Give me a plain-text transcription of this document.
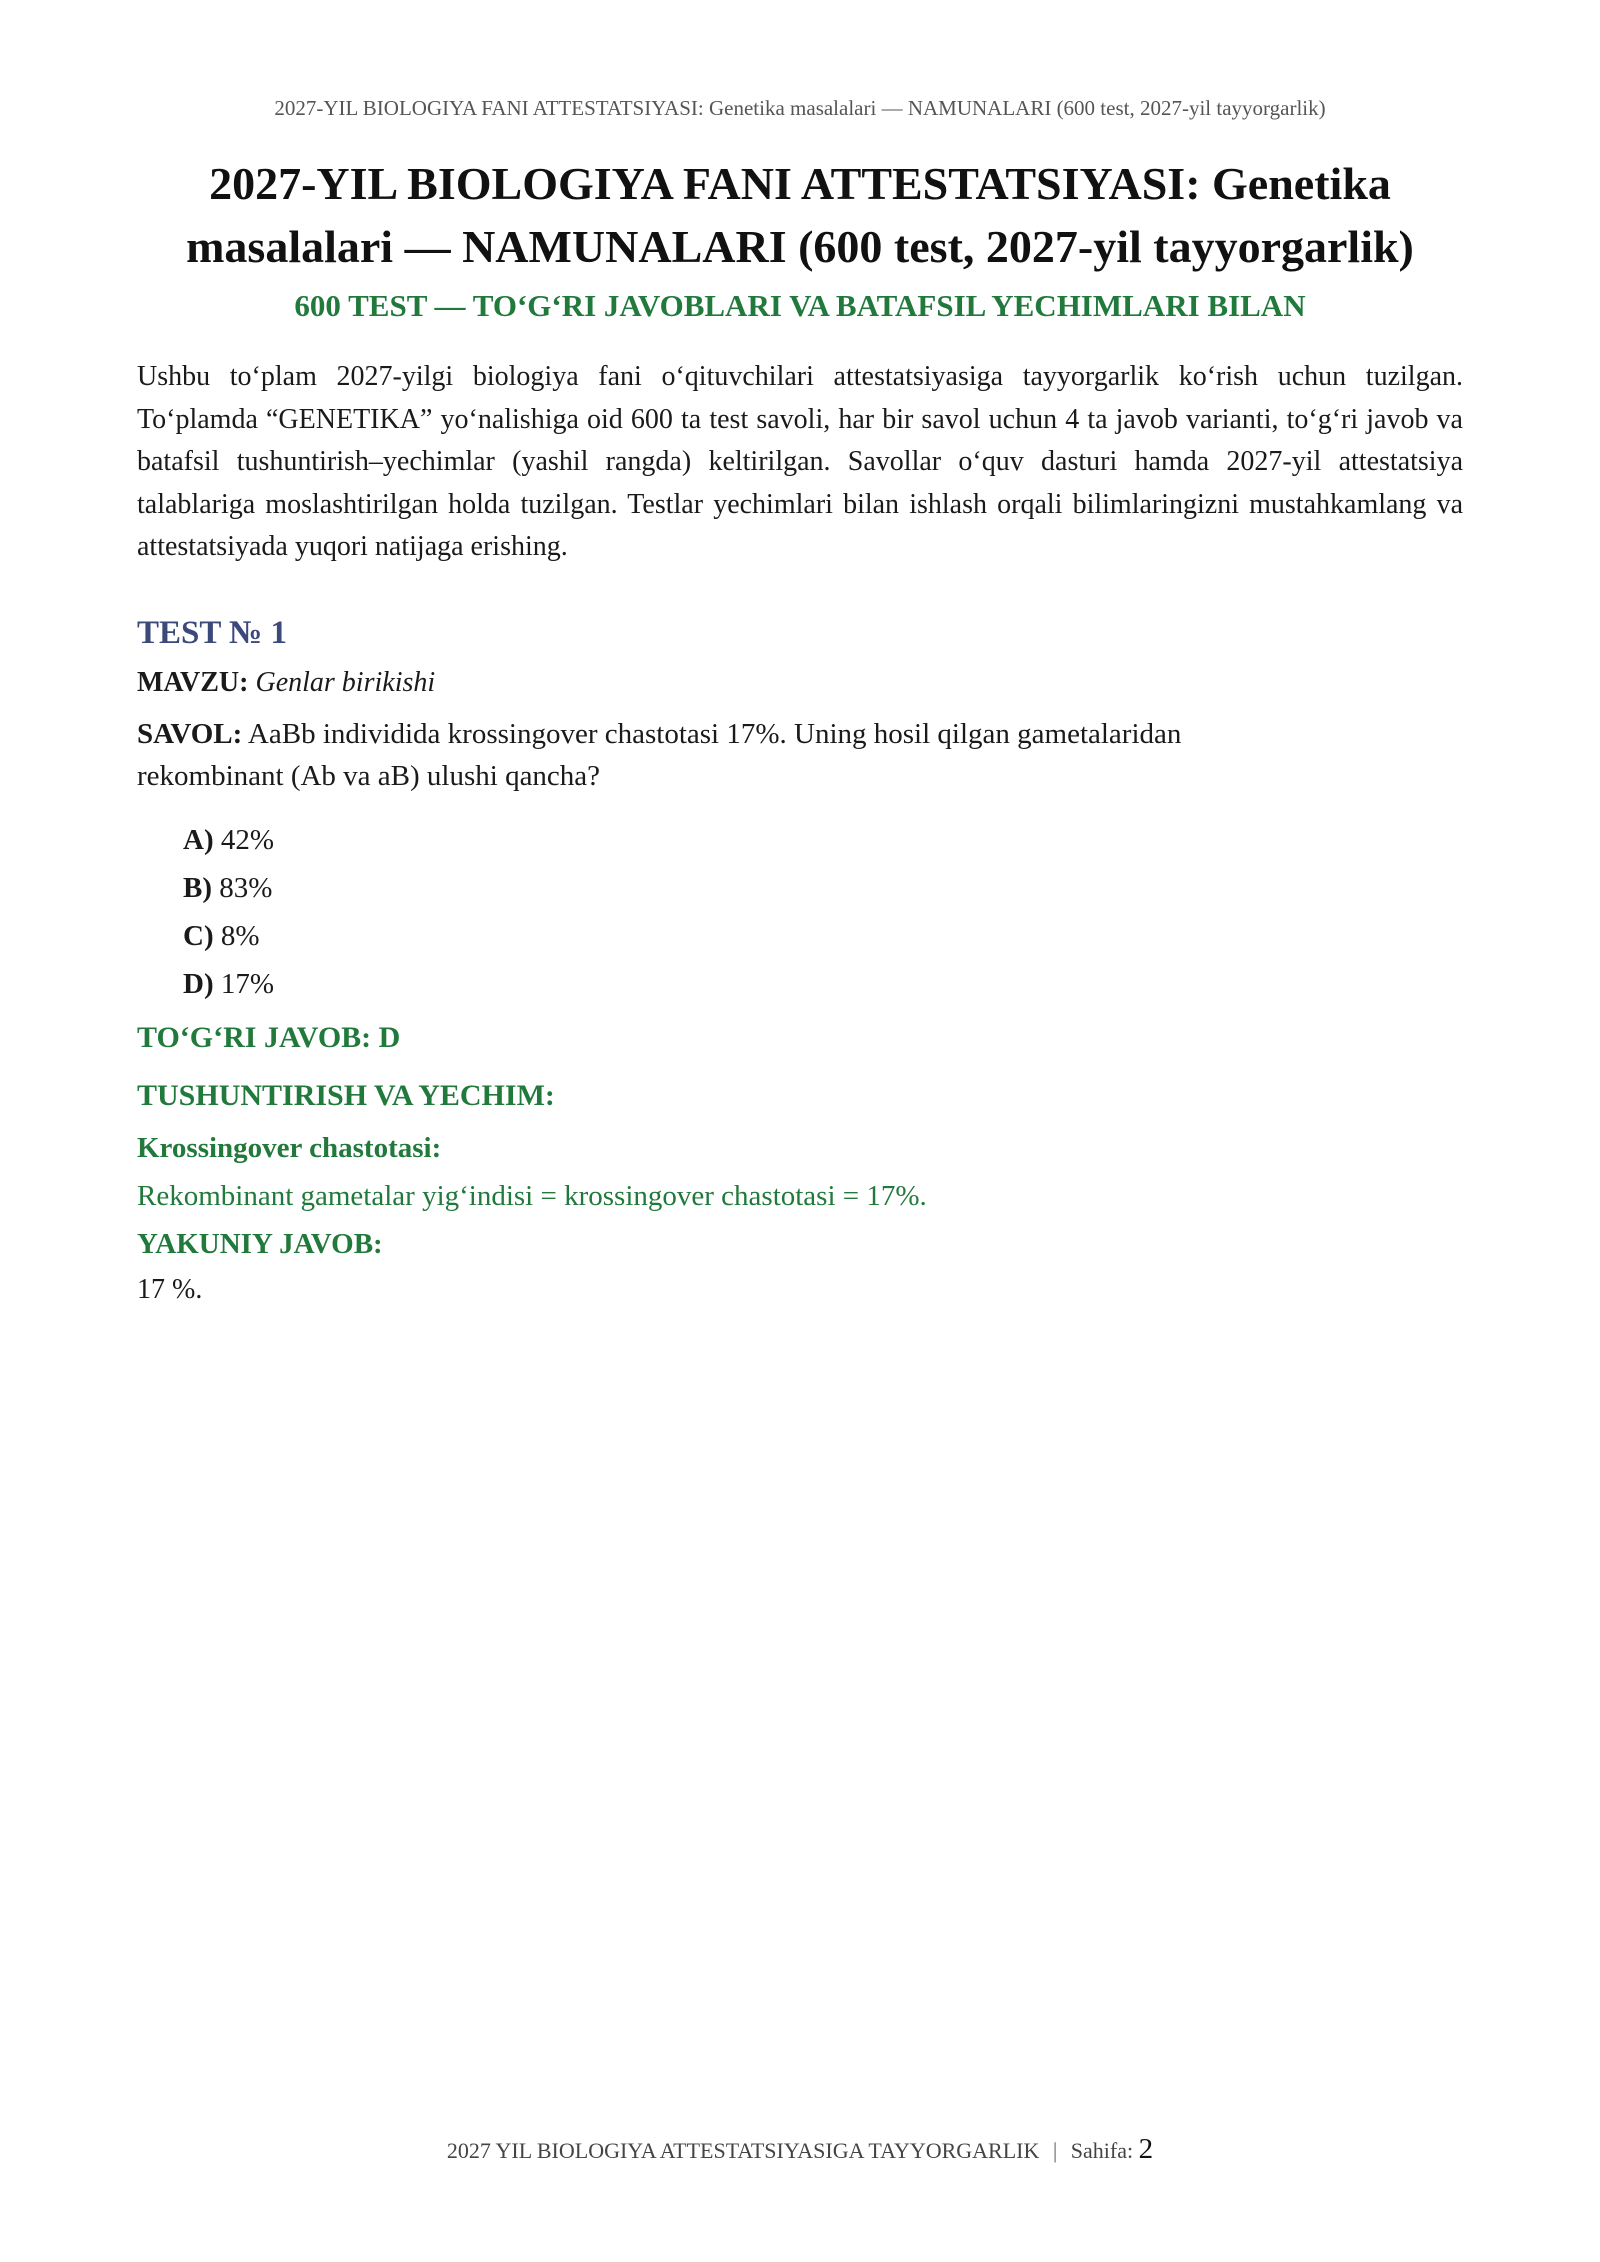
2027-YIL BIOLOGIYA FANI ATTESTATSIYASI: Genetika masalalari — NAMUNALARI (600 test, 2027-yil tayyorgarlik)
2027-YIL BIOLOGIYA FANI ATTESTATSIYASI: Genetika
masalalari — NAMUNALARI (600 test, 2027-yil tayyorgarlik)
600 TEST — TO‘G‘RI JAVOBLARI VA BATAFSIL YECHIMLARI BILAN

Ushbu to‘plam 2027-yilgi biologiya fani o‘qituvchilari attestatsiyasiga tayyorgarlik ko‘rish uchun tuzilgan. To‘plamda “GENETIKA” yo‘nalishiga oid 600 ta test savoli, har bir savol uchun 4 ta javob varianti, to‘g‘ri javob va batafsil tushuntirish–yechimlar (yashil rangda) keltirilgan. Savollar o‘quv dasturi hamda 2027-yil attestatsiya talablariga moslashtirilgan holda tuzilgan. Testlar yechimlari bilan ishlash orqali bilimlaringizni mustahkamlang va attestatsiyada yuqori natijaga erishing.

TEST № 1
MAVZU: Genlar birikishi
SAVOL: AaBb individida krossingover chastotasi 17%. Uning hosil qilgan gametalaridan
rekombinant (Ab va aB) ulushi qancha?
A) 42%
B) 83%
C) 8%
D) 17%
TO‘G‘RI JAVOB: D
TUSHUNTIRISH VA YECHIM:
Krossingover chastotasi:
Rekombinant gametalar yig‘indisi = krossingover chastotasi = 17%.
YAKUNIY JAVOB:
17 %.
2027 YIL BIOLOGIYA ATTESTATSIYASIGA TAYYORGARLIK | Sahifa: 2
